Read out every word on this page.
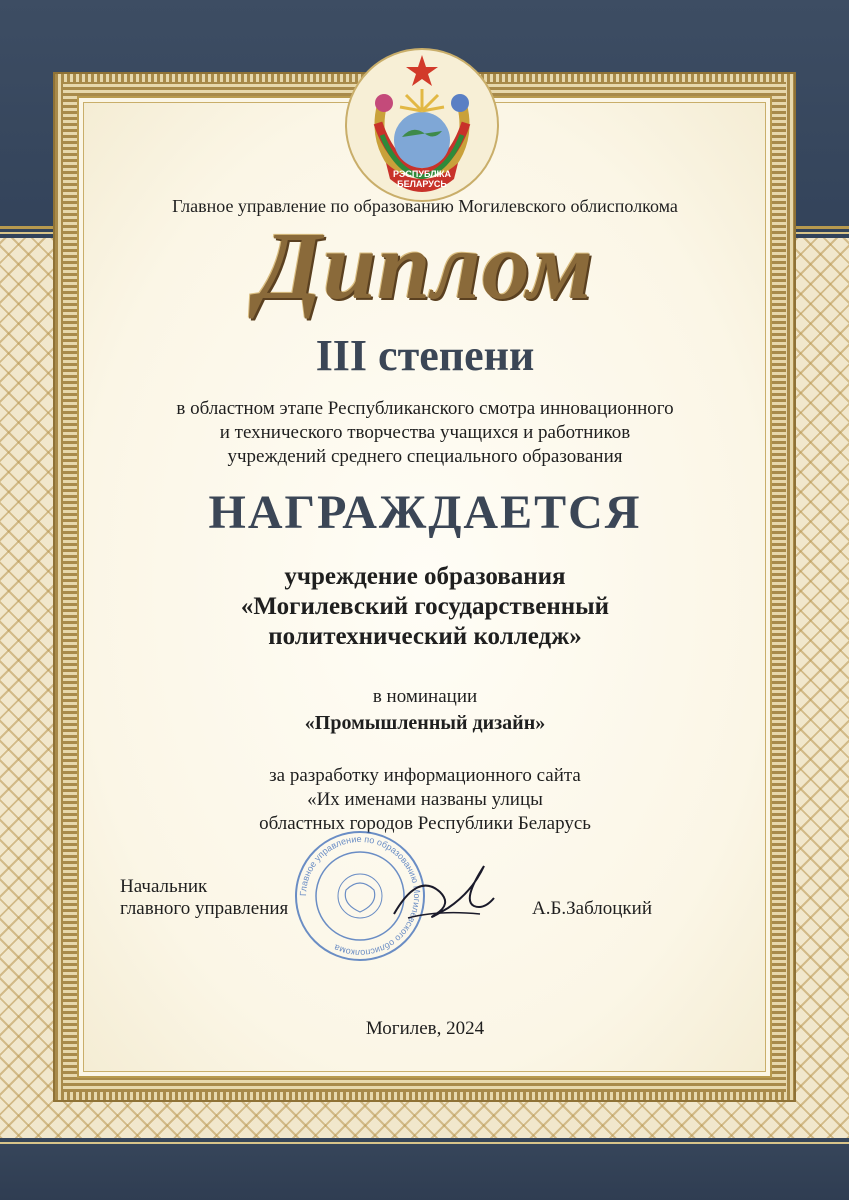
РЭСПУБЛІКА
БЕЛАРУСЬ
Главное управление по образованию Могилевского облисполкома
Диплом
III степени
в областном этапе Республиканского смотра инновационного
и технического творчества учащихся и работников
учреждений среднего специального образования
НАГРАЖДАЕТСЯ
учреждение образования
«Могилевский государственный
политехнический колледж»
в номинации
«Промышленный дизайн»
за разработку информационного сайта
«Их именами названы улицы
областных городов Республики Беларусь
Начальник
главного управления	А.Б.Заблоцкий
Главное управление по образованию Могилевского облисполкома
Могилев, 2024
